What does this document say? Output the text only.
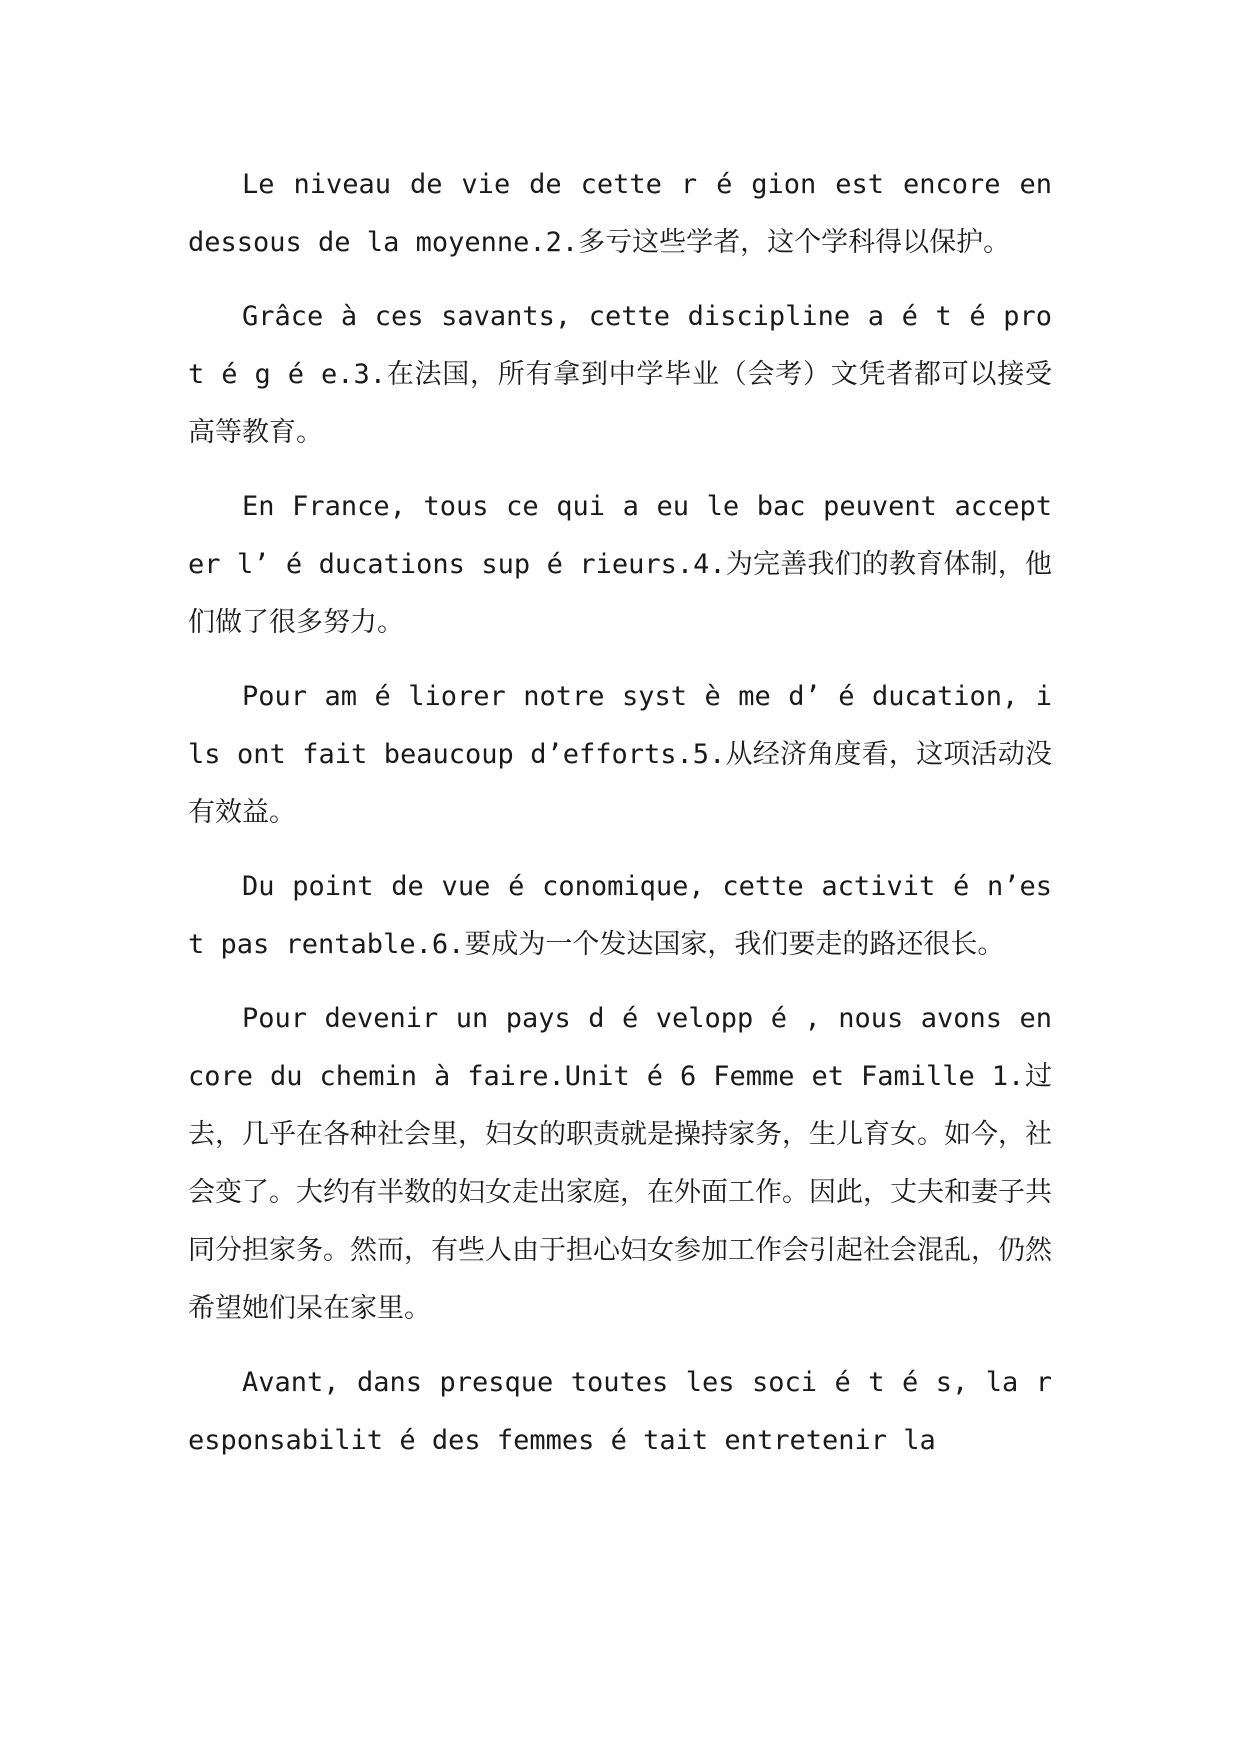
Le niveau de vie de cette r é gion est encore en dessous de la moyenne.2.多亏这些学者，这个学科得以保护。

Grâce à ces savants, cette discipline a é t é prot é g é e.3.在法国，所有拿到中学毕业（会考）文凭者都可以接受高等教育。

En France, tous ce qui a eu le bac peuvent accepter l’ é ducations sup é rieurs.4.为完善我们的教育体制，他们做了很多努力。

Pour am é liorer notre syst è me d’ é ducation, ils ont fait beaucoup d’efforts.5.从经济角度看，这项活动没有效益。

Du point de vue é conomique, cette activit é n’est pas rentable.6.要成为一个发达国家，我们要走的路还很长。

Pour devenir un pays d é velopp é , nous avons encore du chemin à faire.Unit é 6 Femme et Famille 1.过去，几乎在各种社会里，妇女的职责就是操持家务，生儿育女。如今，社会变了。大约有半数的妇女走出家庭，在外面工作。因此，丈夫和妻子共同分担家务。然而，有些人由于担心妇女参加工作会引起社会混乱，仍然希望她们呆在家里。

Avant, dans presque toutes les soci é t é s, la responsabilit é des femmes é tait entretenir la
